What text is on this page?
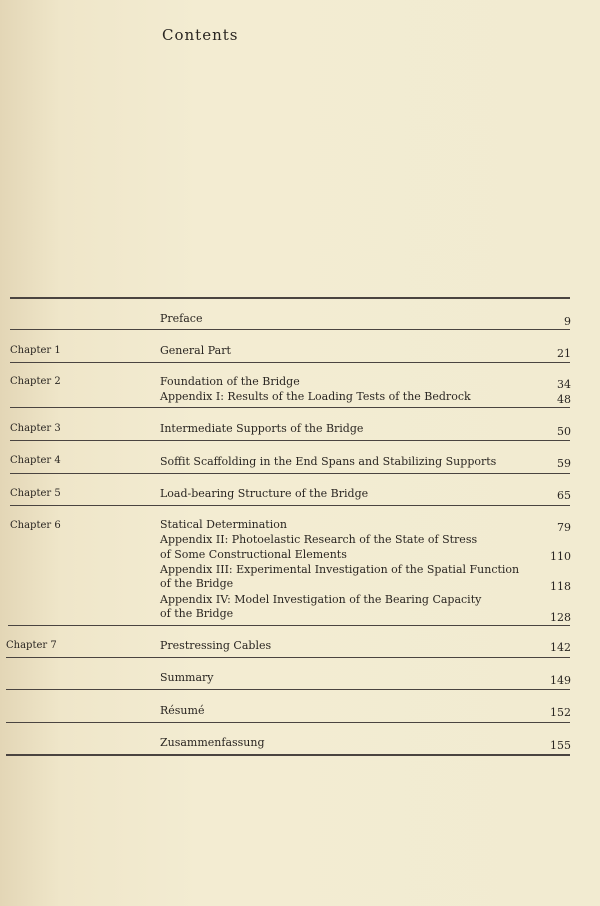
Contents
Preface	9
Chapter 1	General Part	21
Chapter 2	Foundation of the Bridge	34
Appendix I: Results of the Loading Tests of the Bedrock	48
Chapter 3	Intermediate Supports of the Bridge	50
Chapter 4	Soffit Scaffolding in the End Spans and Stabilizing Supports	59
Chapter 5	Load-bearing Structure of the Bridge	65
Chapter 6	Statical Determination	79
Appendix II: Photoelastic Research of the State of Stress
of Some Constructional Elements	110
Appendix III: Experimental Investigation of the Spatial Function
of the Bridge	118
Appendix IV: Model Investigation of the Bearing Capacity
of the Bridge	128
Chapter 7	Prestressing Cables	142
Summary	149
Résumé	152
Zusammenfassung	155
